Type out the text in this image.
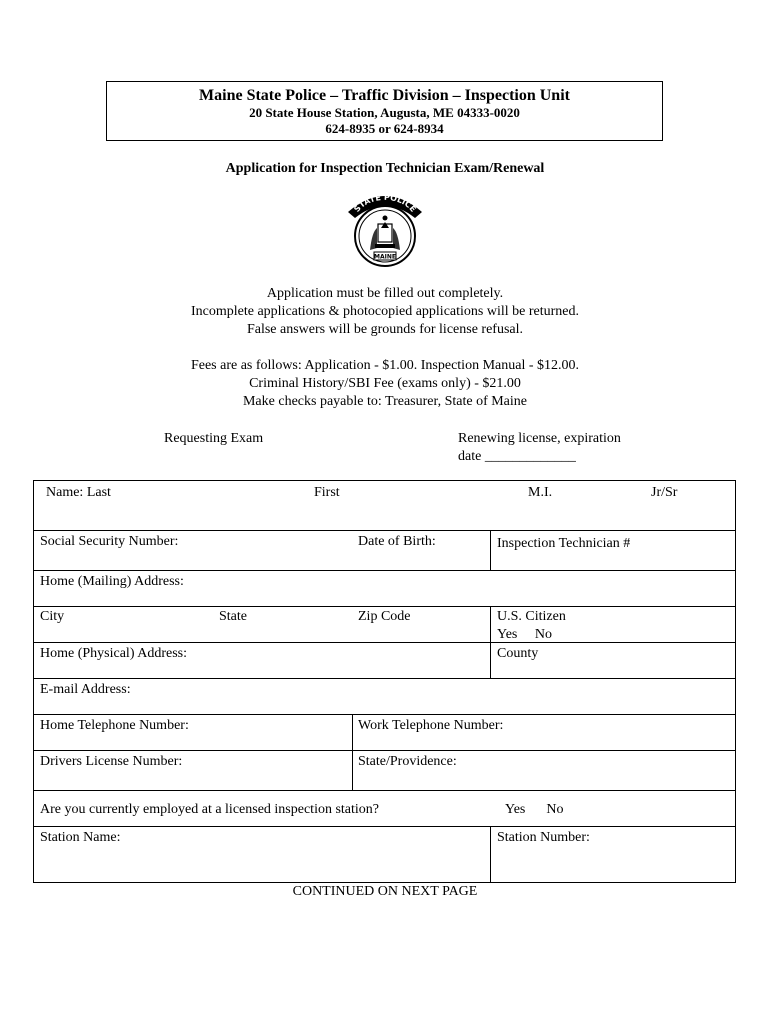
Maine State Police – Traffic Division – Inspection Unit
20 State House Station, Augusta, ME 04333-0020
624-8935 or 624-8934
Application for Inspection Technician Exam/Renewal
STATE POLICE
MAINE
Application must be filled out completely.
Incomplete applications & photocopied applications will be returned.
False answers will be grounds for license refusal.
Fees are as follows: Application - $1.00. Inspection Manual - $12.00.
Criminal History/SBI Fee (exams only) - $21.00
Make checks payable to: Treasurer, State of Maine
Requesting Exam	Renewing license, expiration
date _____________
Name: Last	First	M.I.	Jr/Sr
Social Security Number:	Date of Birth:	Inspection Technician #
Home (Mailing) Address:
City	State	Zip Code	U.S. Citizen
Yes     No
Home (Physical) Address:	County
E-mail Address:
Home Telephone Number:	Work Telephone Number:
Drivers License Number:	State/Providence:
Are you currently employed at a licensed inspection station?	Yes      No
Station Name:	Station Number:
CONTINUED ON NEXT PAGE
